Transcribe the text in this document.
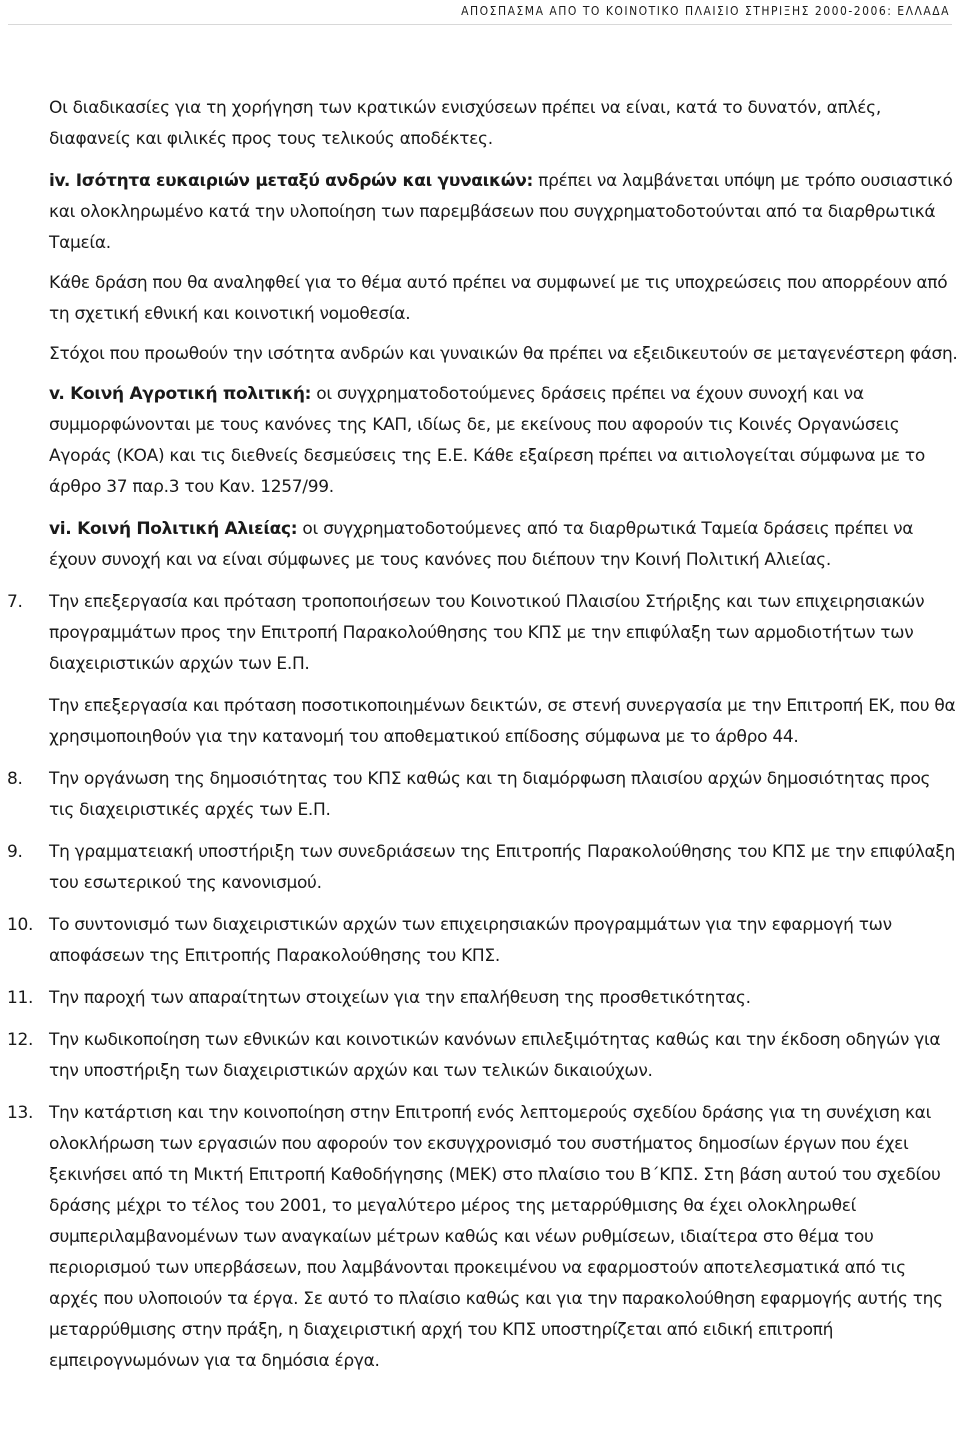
ΑΠΟΣΠΑΣΜΑ ΑΠΟ ΤΟ ΚΟΙΝΟΤΙΚΟ ΠΛΑΙΣΙΟ ΣΤΗΡΙΞΗΣ 2000-2006: ΕΛΛΑΔΑ

Οι διαδικασίες για τη χορήγηση των κρατικών ενισχύσεων πρέπει να είναι, κατά το δυνατόν, απλές, διαφανείς και φιλικές προς τους τελικούς αποδέκτες.

iv. Ισότητα ευκαιριών μεταξύ ανδρών και γυναικών: πρέπει να λαμβάνεται υπόψη με τρόπο ουσιαστικό και ολοκληρωμένο κατά την υλοποίηση των παρεμβάσεων που συγχρηματοδοτούνται από τα διαρθρωτικά Ταμεία.

Κάθε δράση που θα αναληφθεί για το θέμα αυτό πρέπει να συμφωνεί με τις υποχρεώσεις που απορρέουν από τη σχετική εθνική και κοινοτική νομοθεσία.

Στόχοι που προωθούν την ισότητα ανδρών και γυναικών θα πρέπει να εξειδικευτούν σε μεταγενέστερη φάση.

v. Κοινή Αγροτική πολιτική: οι συγχρηματοδοτούμενες δράσεις πρέπει να έχουν συνοχή και να συμμορφώνονται με τους κανόνες της ΚΑΠ, ιδίως δε, με εκείνους που αφορούν τις Κοινές Οργανώσεις Αγοράς (ΚΟΑ) και τις διεθνείς δεσμεύσεις της Ε.Ε. Κάθε εξαίρεση πρέπει να αιτιολογείται σύμφωνα με το άρθρο 37 παρ.3 του Καν. 1257/99.

vi. Κοινή Πολιτική Αλιείας: οι συγχρηματοδοτούμενες από τα διαρθρωτικά Ταμεία δράσεις πρέπει να έχουν συνοχή και να είναι σύμφωνες με τους κανόνες που διέπουν την Κοινή Πολιτική Αλιείας.

7. Την επεξεργασία και πρόταση τροποποιήσεων του Κοινοτικού Πλαισίου Στήριξης και των επιχειρησιακών προγραμμάτων προς την Επιτροπή Παρακολούθησης του ΚΠΣ με την επιφύλαξη των αρμοδιοτήτων των διαχειριστικών αρχών των Ε.Π.
Την επεξεργασία και πρόταση ποσοτικοποιημένων δεικτών, σε στενή συνεργασία με την Επιτροπή ΕΚ, που θα χρησιμοποιηθούν για την κατανομή του αποθεματικού επίδοσης σύμφωνα με το άρθρο 44.
8. Την οργάνωση της δημοσιότητας του ΚΠΣ καθώς και τη διαμόρφωση πλαισίου αρχών δημοσιότητας προς τις διαχειριστικές αρχές των Ε.Π.
9. Τη γραμματειακή υποστήριξη των συνεδριάσεων της Επιτροπής Παρακολούθησης του ΚΠΣ με την επιφύλαξη του εσωτερικού της κανονισμού.
10. Το συντονισμό των διαχειριστικών αρχών των επιχειρησιακών προγραμμάτων για την εφαρμογή των αποφάσεων της Επιτροπής Παρακολούθησης του ΚΠΣ.
11. Την παροχή των απαραίτητων στοιχείων για την επαλήθευση της προσθετικότητας.
12. Την κωδικοποίηση των εθνικών και κοινοτικών κανόνων επιλεξιμότητας καθώς και την έκδοση οδηγών για την υποστήριξη των διαχειριστικών αρχών και των τελικών δικαιούχων.
13. Την κατάρτιση και την κοινοποίηση στην Επιτροπή ενός λεπτομερούς σχεδίου δράσης για τη συνέχιση και ολοκλήρωση των εργασιών που αφορούν τον εκσυγχρονισμό του συστήματος δημοσίων έργων που έχει ξεκινήσει από τη Μικτή Επιτροπή Καθοδήγησης (ΜΕΚ) στο πλαίσιο του Β΄ΚΠΣ. Στη βάση αυτού του σχεδίου δράσης μέχρι το τέλος του 2001, το μεγαλύτερο μέρος της μεταρρύθμισης θα έχει ολοκληρωθεί συμπεριλαμβανομένων των αναγκαίων μέτρων καθώς και νέων ρυθμίσεων, ιδιαίτερα στο θέμα του περιορισμού των υπερβάσεων, που λαμβάνονται προκειμένου να εφαρμοστούν αποτελεσματικά από τις αρχές που υλοποιούν τα έργα. Σε αυτό το πλαίσιο καθώς και για την παρακολούθηση εφαρμογής αυτής της μεταρρύθμισης στην πράξη, η διαχειριστική αρχή του ΚΠΣ υποστηρίζεται από ειδική επιτροπή εμπειρογνωμόνων για τα δημόσια έργα.
